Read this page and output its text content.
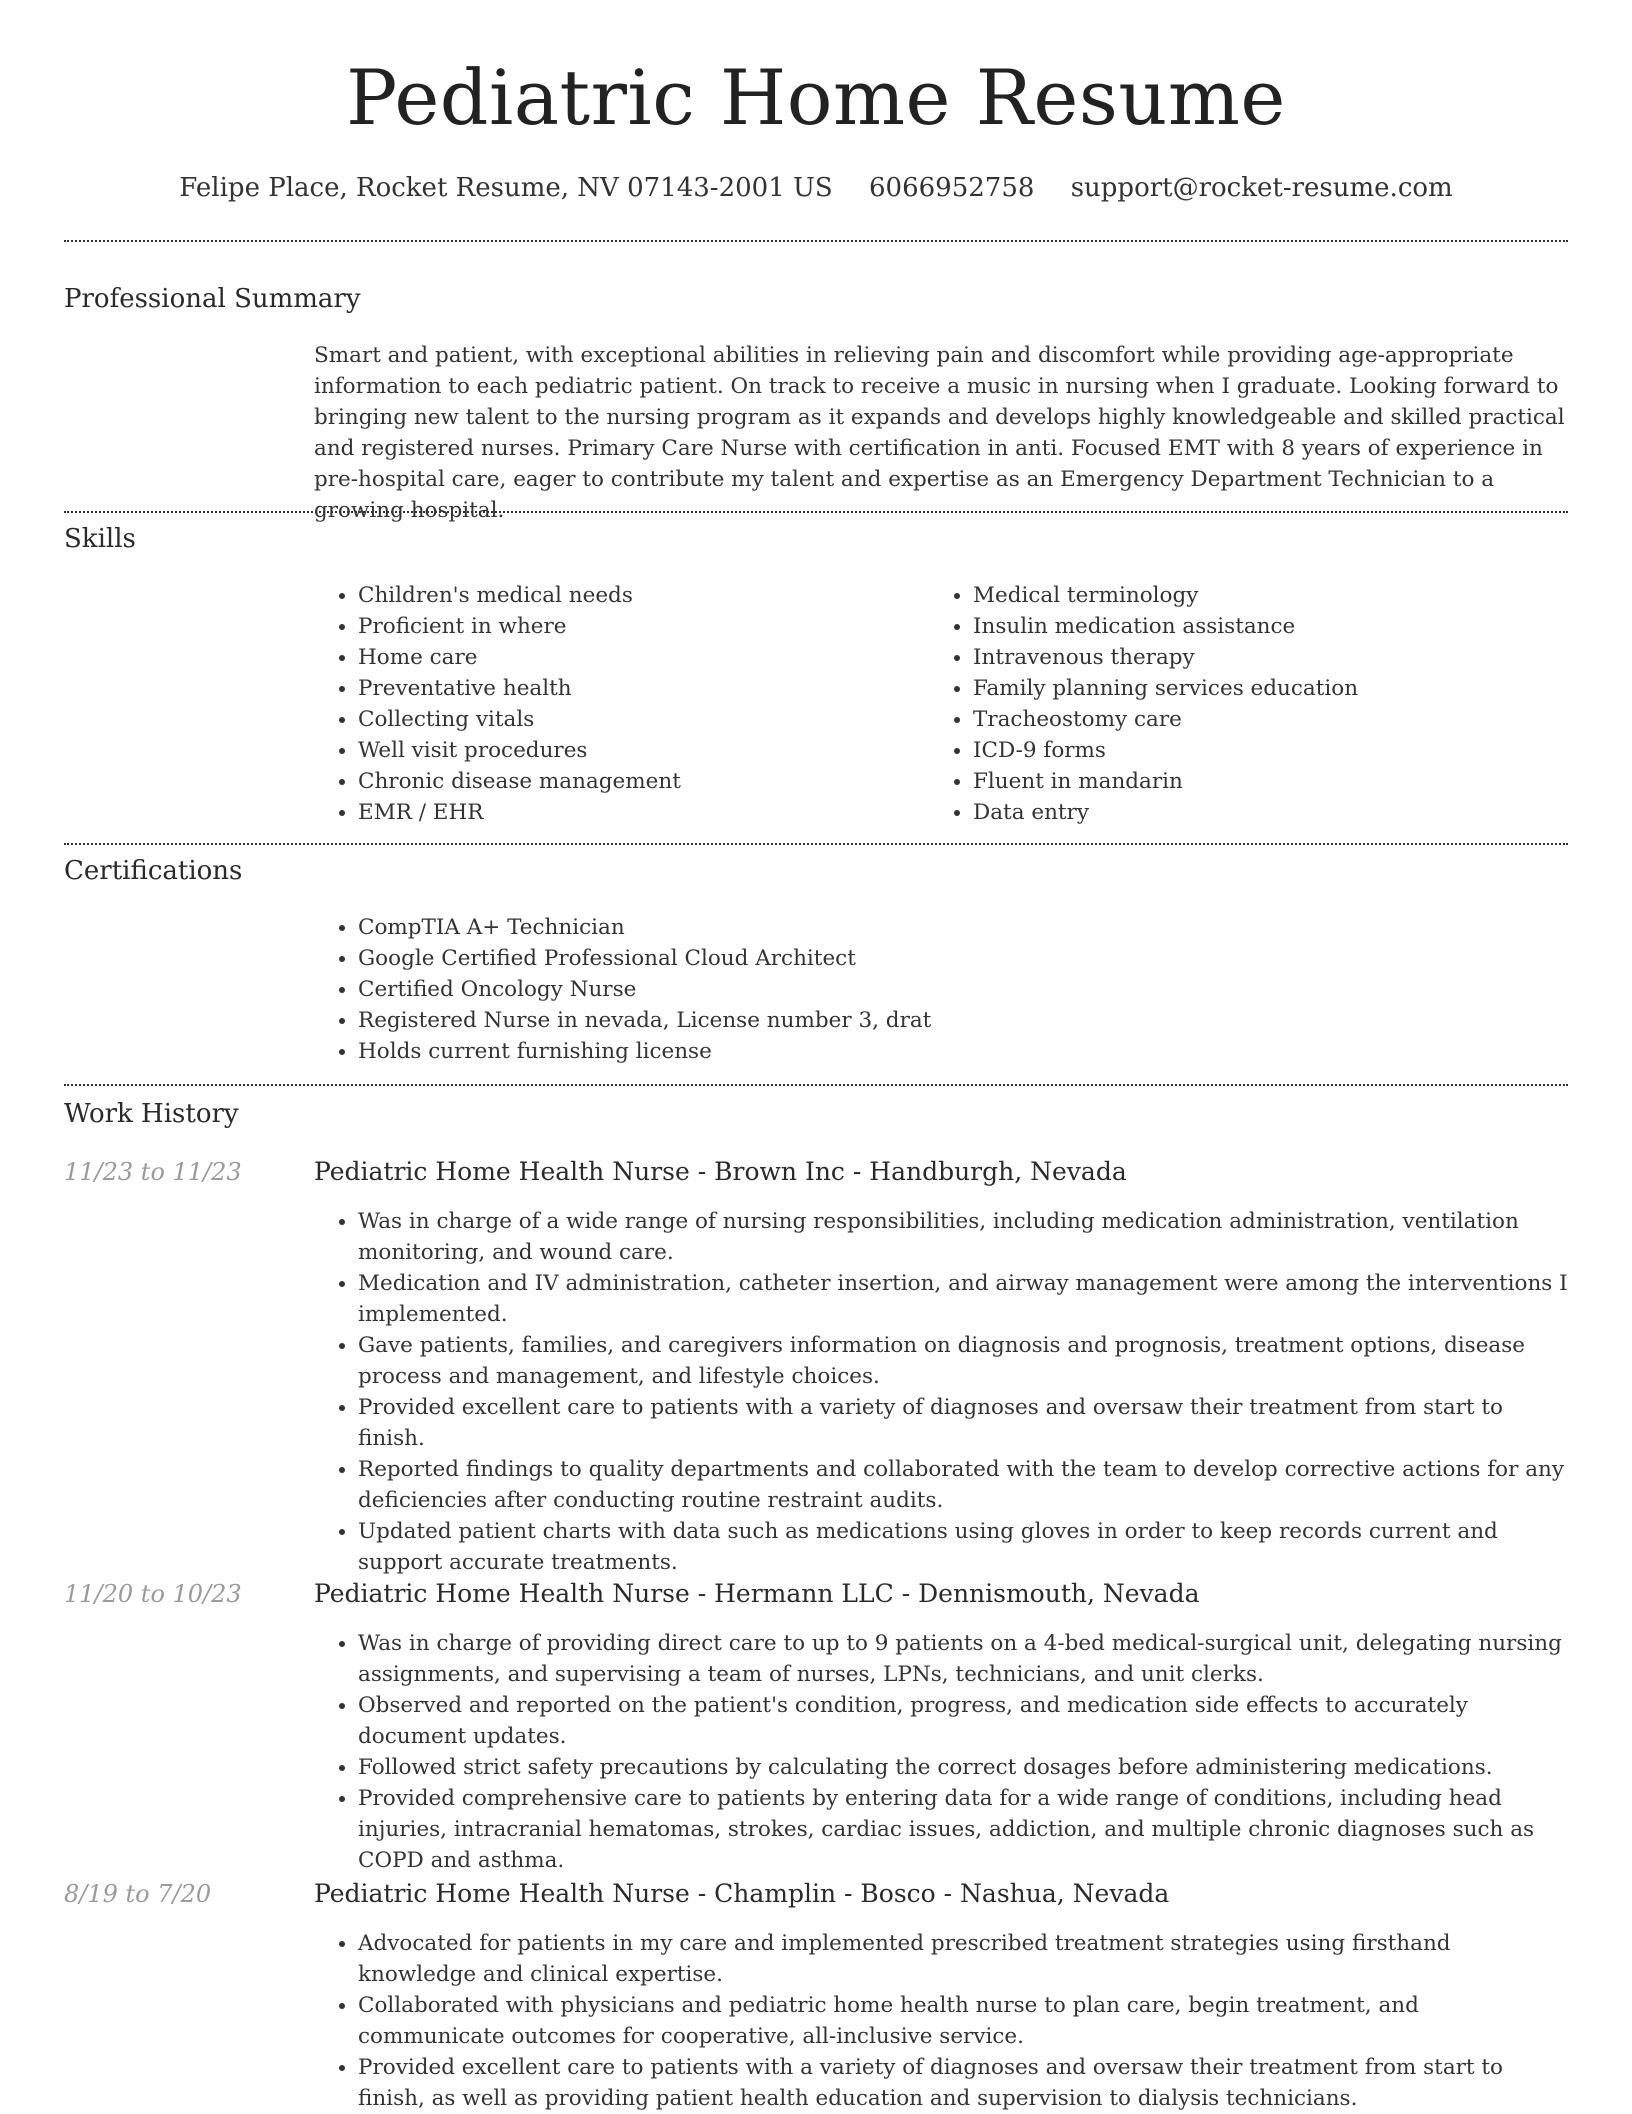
Pediatric Home Resume
Felipe Place, Rocket Resume, NV 07143-2001 US 6066952758 support@rocket-resume.com
Professional Summary

Smart and patient, with exceptional abilities in relieving pain and discomfort while providing age-appropriate information to each pediatric patient. On track to receive a music in nursing when I graduate. Looking forward to bringing new talent to the nursing program as it expands and develops highly knowledgeable and skilled practical and registered nurses. Primary Care Nurse with certification in anti. Focused EMT with 8 years of experience in pre-hospital care, eager to contribute my talent and expertise as an Emergency Department Technician to a growing hospital.

Skills
• Children's medical needs
• Proficient in where
• Home care
• Preventative health
• Collecting vitals
• Well visit procedures
• Chronic disease management
• EMR / EHR
• Medical terminology
• Insulin medication assistance
• Intravenous therapy
• Family planning services education
• Tracheostomy care
• ICD-9 forms
• Fluent in mandarin
• Data entry
Certifications
• CompTIA A+ Technician
• Google Certified Professional Cloud Architect
• Certified Oncology Nurse
• Registered Nurse in nevada, License number 3, drat
• Holds current furnishing license
Work History
11/23 to 11/23	Pediatric Home Health Nurse - Brown Inc - Handburgh, Nevada
• Was in charge of a wide range of nursing responsibilities, including medication administration, ventilation monitoring, and wound care.
• Medication and IV administration, catheter insertion, and airway management were among the interventions I implemented.
• Gave patients, families, and caregivers information on diagnosis and prognosis, treatment options, disease process and management, and lifestyle choices.
• Provided excellent care to patients with a variety of diagnoses and oversaw their treatment from start to finish.
• Reported findings to quality departments and collaborated with the team to develop corrective actions for any deficiencies after conducting routine restraint audits.
• Updated patient charts with data such as medications using gloves in order to keep records current and support accurate treatments.
11/20 to 10/23	Pediatric Home Health Nurse - Hermann LLC - Dennismouth, Nevada
• Was in charge of providing direct care to up to 9 patients on a 4-bed medical-surgical unit, delegating nursing assignments, and supervising a team of nurses, LPNs, technicians, and unit clerks.
• Observed and reported on the patient's condition, progress, and medication side effects to accurately document updates.
• Followed strict safety precautions by calculating the correct dosages before administering medications.
• Provided comprehensive care to patients by entering data for a wide range of conditions, including head injuries, intracranial hematomas, strokes, cardiac issues, addiction, and multiple chronic diagnoses such as COPD and asthma.
8/19 to 7/20	Pediatric Home Health Nurse - Champlin - Bosco - Nashua, Nevada
• Advocated for patients in my care and implemented prescribed treatment strategies using firsthand knowledge and clinical expertise.
• Collaborated with physicians and pediatric home health nurse to plan care, begin treatment, and communicate outcomes for cooperative, all-inclusive service.
• Provided excellent care to patients with a variety of diagnoses and oversaw their treatment from start to finish, as well as providing patient health education and supervision to dialysis technicians.
